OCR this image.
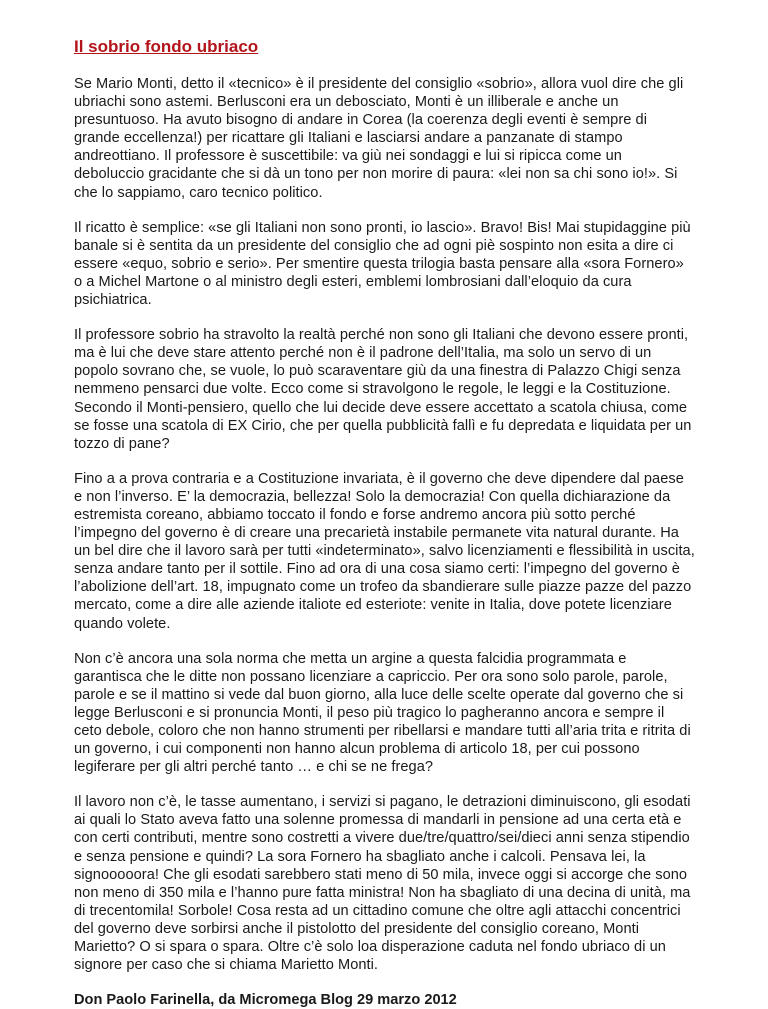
Il sobrio fondo ubriaco

Se Mario Monti, detto il «tecnico» è il presidente del consiglio «sobrio», allora vuol dire che gli ubriachi sono astemi. Berlusconi era un debosciato, Monti è un illiberale e anche un presuntuoso. Ha avuto bisogno di andare in Corea (la coerenza degli eventi è sempre di grande eccellenza!) per ricattare gli Italiani e lasciarsi andare a panzanate di stampo andreottiano. Il professore è suscettibile: va giù nei sondaggi e lui si ripicca come un deboluccio gracidante che si dà un tono per non morire di paura: «lei non sa chi sono io!». Si che lo sappiamo, caro tecnico politico.

Il ricatto è semplice: «se gli Italiani non sono pronti, io lascio». Bravo! Bis! Mai stupidaggine più banale si è sentita da un presidente del consiglio che ad ogni piè sospinto non esita a dire ci essere «equo, sobrio e serio». Per smentire questa trilogia basta pensare alla «sora Fornero» o a Michel Martone o al ministro degli esteri, emblemi lombrosiani dall’eloquio da cura psichiatrica.

Il professore sobrio ha stravolto la realtà perché non sono gli Italiani che devono essere pronti, ma è lui che deve stare attento perché non è il padrone dell’Italia, ma solo un servo di un popolo sovrano che, se vuole, lo può scaraventare giù da una finestra di Palazzo Chigi senza nemmeno pensarci due volte. Ecco come si stravolgono le regole, le leggi e la Costituzione. Secondo il Monti-pensiero, quello che lui decide deve essere accettato a scatola chiusa, come se fosse una scatola di EX Cirio, che per quella pubblicità fallì e fu depredata e liquidata per un tozzo di pane?

Fino a a prova contraria e a Costituzione invariata, è il governo che deve dipendere dal paese e non l’inverso. E’ la democrazia, bellezza! Solo la democrazia! Con quella dichiarazione da estremista coreano, abbiamo toccato il fondo e forse andremo ancora più sotto perché l’impegno del governo è di creare una precarietà instabile permanete vita natural durante. Ha un bel dire che il lavoro sarà per tutti «indeterminato», salvo licenziamenti e flessibilità in uscita, senza andare tanto per il sottile. Fino ad ora di una cosa siamo certi: l’impegno del governo è l’abolizione dell’art. 18, impugnato come un trofeo da sbandierare sulle piazze pazze del pazzo mercato, come a dire alle aziende italiote ed esteriote: venite in Italia, dove potete licenziare quando volete.

Non c’è ancora una sola norma che metta un argine a questa falcidia programmata e garantisca che le ditte non possano licenziare a capriccio. Per ora sono solo parole, parole, parole e se il mattino si vede dal buon giorno, alla luce delle scelte operate dal governo che si legge Berlusconi e si pronuncia Monti, il peso più tragico lo pagheranno ancora e sempre il ceto debole, coloro che non hanno strumenti per ribellarsi e mandare tutti all’aria trita e ritrita di un governo, i cui componenti non hanno alcun problema di articolo 18, per cui possono legiferare per gli altri perché tanto … e chi se ne frega?

Il lavoro non c’è, le tasse aumentano, i servizi si pagano, le detrazioni diminuiscono, gli esodati ai quali lo Stato aveva fatto una solenne promessa di mandarli in pensione ad una certa età e con certi contributi, mentre sono costretti a vivere due/tre/quattro/sei/dieci anni senza stipendio e senza pensione e quindi? La sora Fornero ha sbagliato anche i calcoli. Pensava lei, la signooooora! Che gli esodati sarebbero stati meno di 50 mila, invece oggi si accorge che sono non meno di 350 mila e l’hanno pure fatta ministra! Non ha sbagliato di una decina di unità, ma di trecentomila! Sorbole! Cosa resta ad un cittadino comune che oltre agli attacchi concentrici del governo deve sorbirsi anche il pistolotto del presidente del consiglio coreano, Monti Marietto? O si spara o spara. Oltre c’è solo loa disperazione caduta nel fondo ubriaco di un signore per caso che si chiama Marietto Monti.

Don Paolo Farinella, da Micromega Blog 29 marzo 2012
